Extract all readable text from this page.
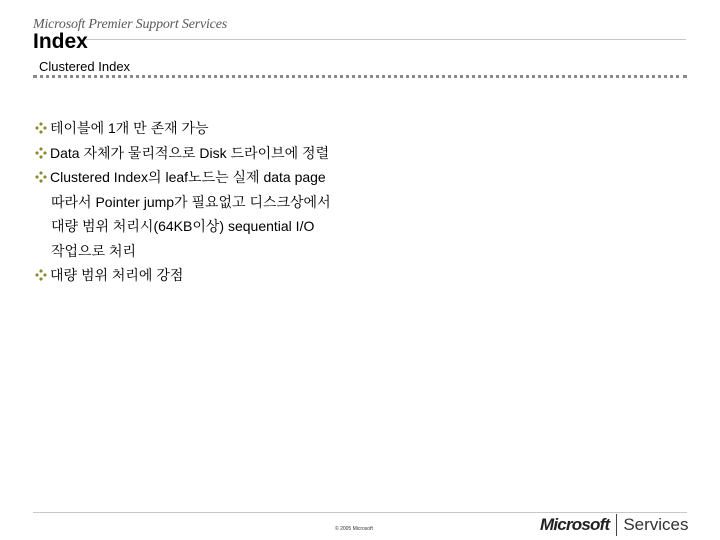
Microsoft Premier Support Services
Index
Clustered Index
테이블에 1개 만 존재 가능
Data 자체가 물리적으로 Disk 드라이브에 정렬
Clustered Index의 leaf노드는 실제 data page
따라서 Pointer jump가 필요없고 디스크상에서
대량 범위 처리시(64KB이상) sequential I/O
작업으로 처리
대량 범위 처리에 강점
© 2005 Microsoft	Microsoft Services
